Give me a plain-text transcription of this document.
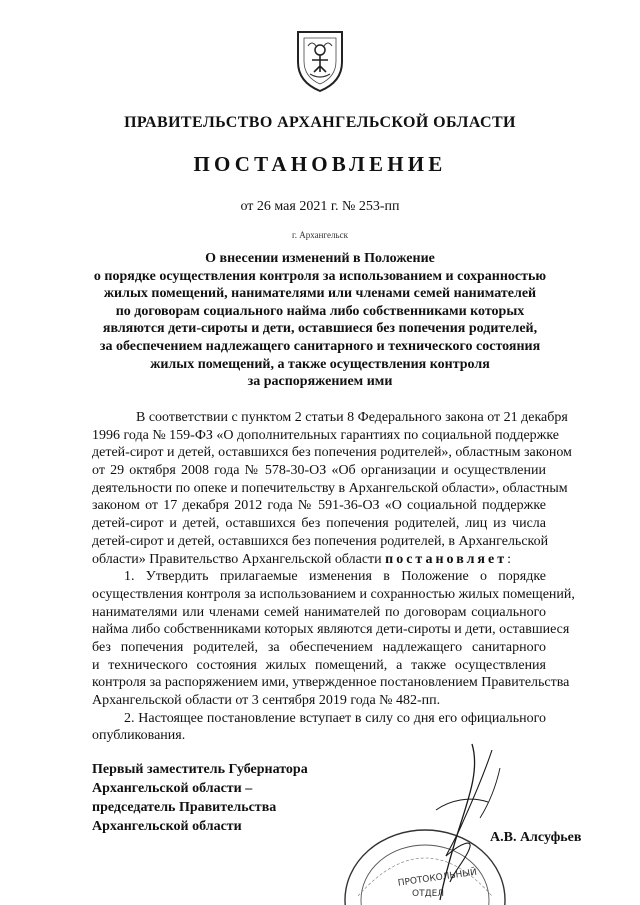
ПРАВИТЕЛЬСТВО АРХАНГЕЛЬСКОЙ ОБЛАСТИ
ПОСТАНОВЛЕНИЕ
от 26 мая 2021 г. № 253-пп
г. Архангельск
О внесении изменений в Положение
о порядке осуществления контроля за использованием и сохранностью
жилых помещений, нанимателями или членами семей нанимателей
по договорам социального найма либо собственниками которых
являются дети-сироты и дети, оставшиеся без попечения родителей,
за обеспечением надлежащего санитарного и технического состояния
жилых помещений, а также осуществления контроля
за распоряжением ими
В соответствии с пунктом 2 статьи 8 Федерального закона от 21 декабря
1996 года № 159-ФЗ «О дополнительных гарантиях по социальной поддержке
детей-сирот и детей, оставшихся без попечения родителей», областным законом
от 29 октября 2008 года № 578-30-ОЗ «Об организации и осуществлении
деятельности по опеке и попечительству в Архангельской области», областным
законом от 17 декабря 2012 года № 591-36-ОЗ «О социальной поддержке
детей-сирот и детей, оставшихся без попечения родителей, лиц из числа
детей-сирот и детей, оставшихся без попечения родителей, в Архангельской
области» Правительство Архангельской области постановляет:
1. Утвердить прилагаемые изменения в Положение о порядке
осуществления контроля за использованием и сохранностью жилых помещений,
нанимателями или членами семей нанимателей по договорам социального
найма либо собственниками которых являются дети-сироты и дети, оставшиеся
без попечения родителей, за обеспечением надлежащего санитарного
и технического состояния жилых помещений, а также осуществления
контроля за распоряжением ими, утвержденное постановлением Правительства
Архангельской области от 3 сентября 2019 года № 482-пп.
2. Настоящее постановление вступает в силу со дня его официального
опубликования.
Первый заместитель Губернатора
Архангельской области –
председатель Правительства
Архангельской области
ПРОТОКОЛЬНЫЙ
ОТДЕЛ
А.В. Алсуфьев
